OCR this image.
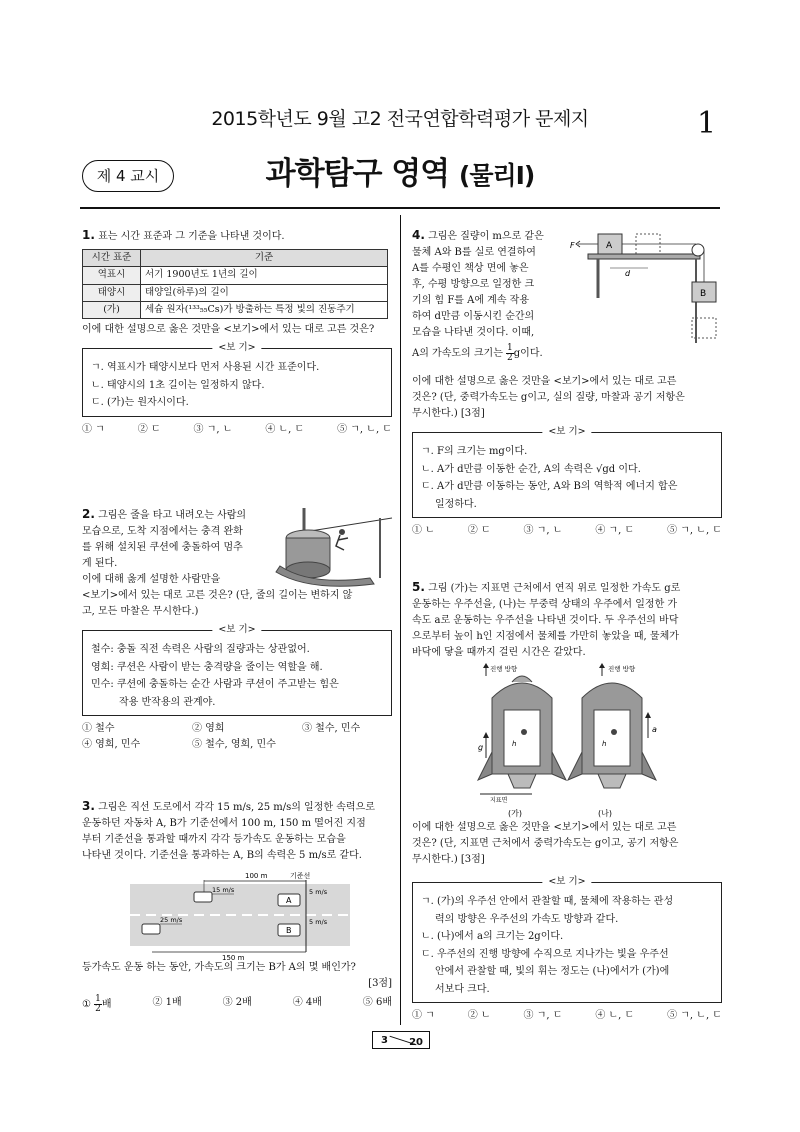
2015학년도 9월 고2 전국연합학력평가 문제지	1
제 4 교시	과학탐구 영역 (물리Ⅰ)

1. 표는 시간 표준과 그 기준을 나타낸 것이다.

시간 표준	기준
역표시	서기 1900년도 1년의 길이
태양시	태양일(하루)의 길이
(가)	세슘 원자(¹³³₅₅Cs)가 방출하는 특정 빛의 진동주기

이에 대한 설명으로 옳은 것만을 <보기>에서 있는 대로 고른 것은?

<보 기>

ㄱ. 역표시가 태양시보다 먼저 사용된 시간 표준이다.

ㄴ. 태양시의 1초 길이는 일정하지 않다.

ㄷ. (가)는 원자시이다.

① ㄱ	② ㄷ	③ ㄱ, ㄴ	④ ㄴ, ㄷ	⑤ ㄱ, ㄴ, ㄷ

2. 그림은 줄을 타고 내려오는 사람의

모습으로, 도착 지점에서는 충격 완화

를 위해 설치된 쿠션에 충돌하여 멈추

게 된다.

이에 대해 옳게 설명한 사람만을

<보기>에서 있는 대로 고른 것은? (단, 줄의 길이는 변하지 않

고, 모든 마찰은 무시한다.)

<보 기>

철수: 충돌 직전 속력은 사람의 질량과는 상관없어.

영희: 쿠션은 사람이 받는 충격량을 줄이는 역할을 해.

민수: 쿠션에 충돌하는 순간 사람과 쿠션이 주고받는 힘은

작용 반작용의 관계야.

① 철수	② 영희	③ 철수, 민수
④ 영희, 민수	⑤ 철수, 영희, 민수

3. 그림은 직선 도로에서 각각 15 m/s, 25 m/s의 일정한 속력으로

운동하던 자동차 A, B가 기준선에서 100 m, 150 m 떨어진 지점

부터 기준선을 통과할 때까지 각각 등가속도 운동하는 모습을

나타낸 것이다. 기준선을 통과하는 A, B의 속력은 5 m/s로 같다.

100 m	기준선
15 m/s
A
5 m/s
25 m/s
B
5 m/s
150 m

등가속도 운동 하는 동안, 가속도의 크기는 B가 A의 몇 배인가?

[3점]

① $\frac{1}{2}$ 배	② 1배	③ 2배	④ 4배	⑤ 6배

4. 그림은 질량이 m으로 같은

물체 A와 B를 실로 연결하여

A를 수평인 책상 면에 놓은

후, 수평 방향으로 일정한 크

기의 힘 F를 A에 계속 작용

하여 d만큼 이동시킨 순간의

모습을 나타낸 것이다. 이때,

A의 가속도의 크기는 $\frac{1}{2}$ g이다.

F	A
d
B

이에 대한 설명으로 옳은 것만을 <보기>에서 있는 대로 고른

것은? (단, 중력가속도는 g이고, 실의 질량, 마찰과 공기 저항은

무시한다.) [3점]

<보 기>

ㄱ. F의 크기는 mg이다.

ㄴ. A가 d만큼 이동한 순간, A의 속력은 √gd 이다.

ㄷ. A가 d만큼 이동하는 동안, A와 B의 역학적 에너지 합은

일정하다.

① ㄴ	② ㄷ	③ ㄱ, ㄴ	④ ㄱ, ㄷ	⑤ ㄱ, ㄴ, ㄷ

5. 그림 (가)는 지표면 근처에서 연직 위로 일정한 가속도 g로

운동하는 우주선을, (나)는 무중력 상태의 우주에서 일정한 가

속도 a로 운동하는 우주선을 나타낸 것이다. 두 우주선의 바닥

으로부터 높이 h인 지점에서 물체를 가만히 놓았을 때, 물체가

바닥에 닿을 때까지 걸린 시간은 같았다.

진행 방향
g	h
지표면
(가)
진행 방향
a
h
(나)

이에 대한 설명으로 옳은 것만을 <보기>에서 있는 대로 고른

것은? (단, 지표면 근처에서 중력가속도는 g이고, 공기 저항은

무시한다.) [3점]

<보 기>

ㄱ. (가)의 우주선 안에서 관찰할 때, 물체에 작용하는 관성

력의 방향은 우주선의 가속도 방향과 같다.

ㄴ. (나)에서 a의 크기는 2g이다.

ㄷ. 우주선의 진행 방향에 수직으로 지나가는 빛을 우주선

안에서 관찰할 때, 빛의 휘는 정도는 (나)에서가 (가)에

서보다 크다.

① ㄱ	② ㄴ	③ ㄱ, ㄷ	④ ㄴ, ㄷ	⑤ ㄱ, ㄴ, ㄷ
3 20
